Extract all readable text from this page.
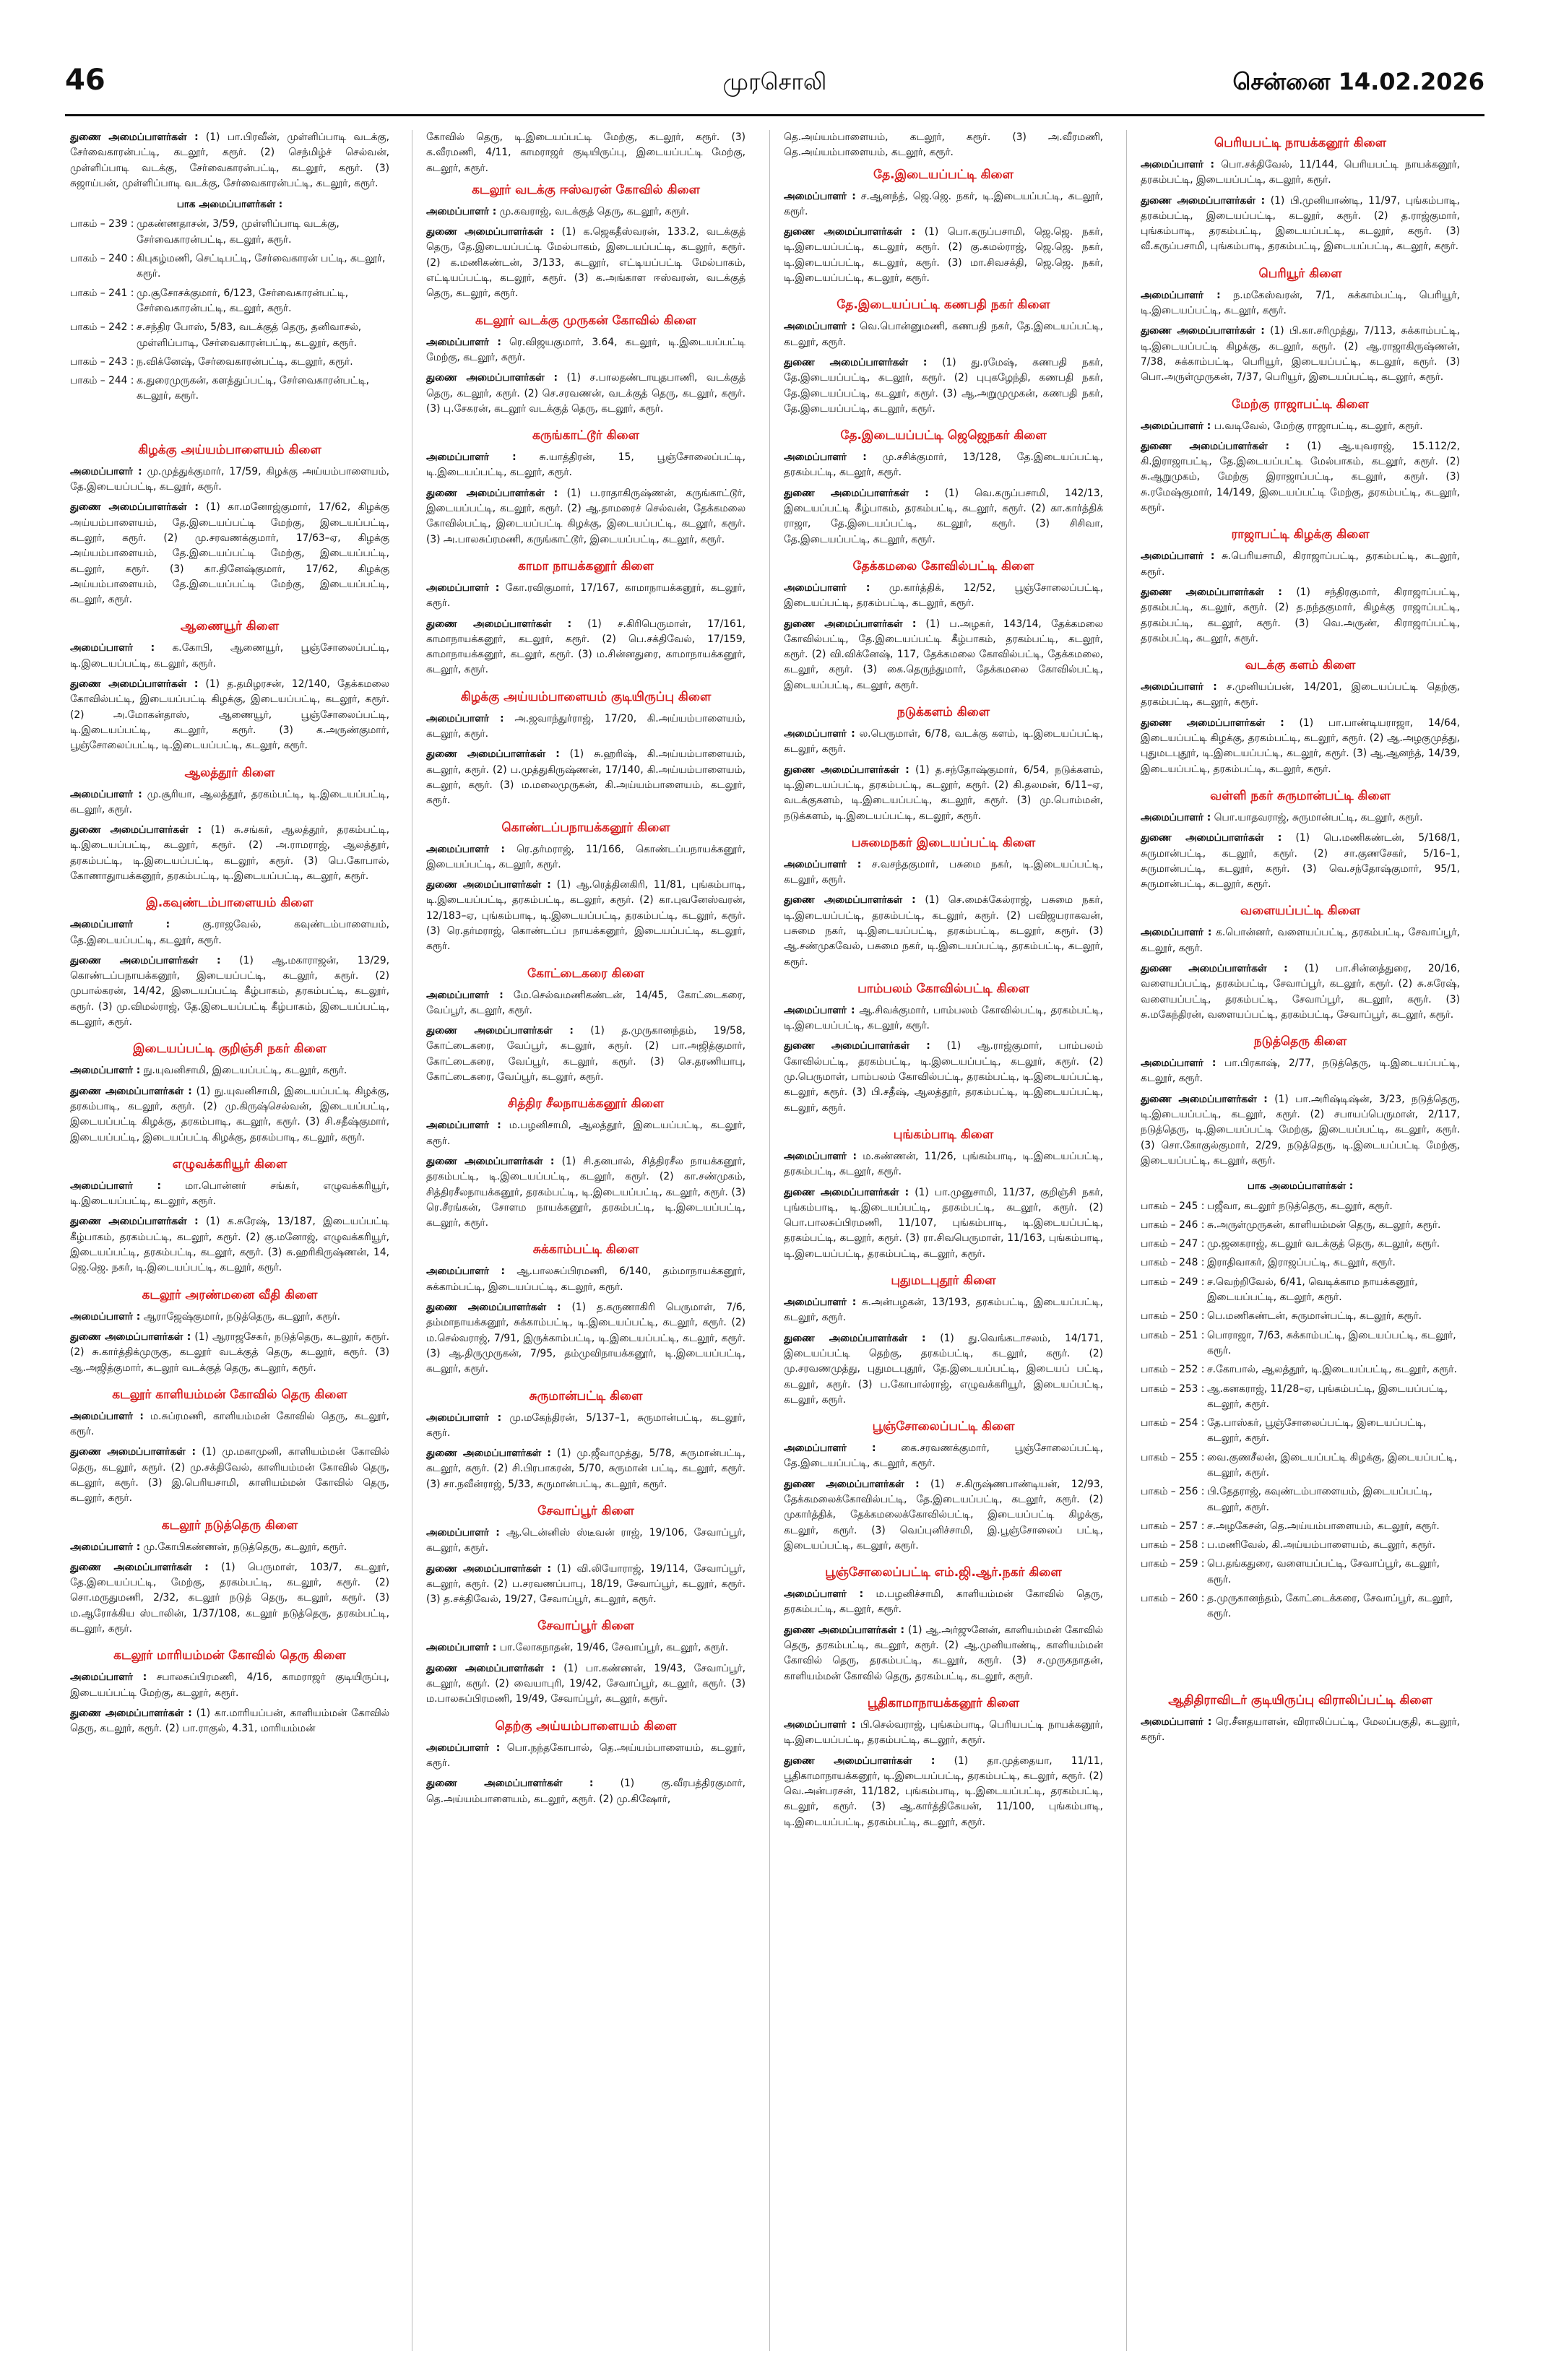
46	முரசொலி	சென்னை 14.02.2026
துணை அமைப்பாளர்கள் : (1) பா.பிரவீன், முள்ளிப்பாடி வடக்கு, சேர்வைகாரன்பட்டி, கடலூர், கரூர். (2) செந்மிழ்ச் செல்வன், முள்ளிப்பாடி வடக்கு, சேர்வைகாரன்பட்டி, கடலூர், கரூர். (3) சுஜாய்பன், முள்ளிப்பாடி வடக்கு, சேர்வைகாரன்பட்டி, கடலூர், கரூர்.
பாக அமைப்பாளர்கள் :
பாகம் – 239 : முகண்ணதாசன், 3/59, முள்ளிப்பாடி வடக்கு, சேர்வைகாரன்பட்டி, கடலூர், கரூர்.
பாகம் – 240 : கிபுகழ்மணி, செட்டிபட்டி, சேர்வைகாரன் பட்டி, கடலூர், கரூர்.
பாகம் – 241 : மு.சூசோசக்குமார், 6/123, சேர்வைகாரன்பட்டி, சேர்வைகாரன்பட்டி, கடலூர், கரூர்.
பாகம் – 242 : ச.சந்திர போஸ், 5/83, வடக்குத் தெரு, தனிவாசல், முள்ளிப்பாடி, சேர்வைகாரன்பட்டி, கடலூர், கரூர்.
பாகம் – 243 : ந.விக்னேஷ், சேர்வைகாரன்பட்டி, கடலூர், கரூர்.
பாகம் – 244 : க.துரைமுருகன், களத்துப்பட்டி, சேர்வைகாரன்பட்டி, கடலூர், கரூர்.
கிழக்கு அய்யம்பாளையம் கிளை
அமைப்பாளர் : மு.முத்துக்குமார், 17/59, கிழக்கு அய்யம்பாளையம், தே.இடையப்பட்டி, கடலூர், கரூர்.
துணை அமைப்பாளர்கள் : (1) கா.மனோஜ்குமார், 17/62, கிழக்கு அய்யம்பாளையம், தே.இடையப்பட்டி மேற்கு, இடையப்பட்டி, கடலூர், கரூர். (2) மு.சரவணக்குமார், 17/63–ஏ, கிழக்கு அய்யம்பாளையம், தே.இடையப்பட்டி மேற்கு, இடையப்பட்டி, கடலூர், கரூர். (3) கா.தினேஷ்குமார், 17/62, கிழக்கு அய்யம்பாளையம், தே.இடையப்பட்டி மேற்கு, இடையப்பட்டி, கடலூர், கரூர்.
ஆணையூர் கிளை
அமைப்பாளர் : க.கோபி, ஆணையூர், பூஞ்சோலைப்பட்டி, டி.இடையப்பட்டி, கடலூர், கரூர்.
துணை அமைப்பாளர்கள் : (1) த.தமிழரசன், 12/140, தேக்கமலை கோவில்பட்டி, இடையப்பட்டி கிழக்கு, இடையப்பட்டி, கடலூர், கரூர். (2) அ.மோகன்தாஸ், ஆணையூர், பூஞ்சோலைப்பட்டி, டி.இடையப்பட்டி, கடலூர், கரூர். (3) க.அருண்குமார், பூஞ்சோலைப்பட்டி, டி.இடையப்பட்டி, கடலூர், கரூர்.
ஆலத்தூர் கிளை
அமைப்பாளர் : மு.சூரியா, ஆலத்தூர், தரகம்பட்டி, டி.இடையப்பட்டி, கடலூர், கரூர்.
துணை அமைப்பாளர்கள் : (1) சு.சங்கர், ஆலத்தூர், தரகம்பட்டி, டி.இடையப்பட்டி, கடலூர், கரூர். (2) அ.ராமராஜ், ஆலத்தூர், தரகம்பட்டி, டி.இடையப்பட்டி, கடலூர், கரூர். (3) பெ.கோபால், கோணாதுாயக்கனூர், தரகம்பட்டி, டி.இடையப்பட்டி, கடலூர், கரூர்.
இ.கவுண்டம்பாளையம் கிளை
அமைப்பாளர் :	கு.ராஜவேல், கவுண்டம்பாளையம், தே.இடையப்பட்டி, கடலூர், கரூர்.
துணை அமைப்பாளர்கள் : (1) ஆ.மகாராஜன், 13/29, கொண்டப்பநாயக்கனூர், இடையப்பட்டி, கடலூர், கரூர். (2) முபால்கரன், 14/42, இடையப்பட்டி கீழ்பாகம், தரகம்பட்டி, கடலூர், கரூர். (3) மு.விமல்ராஜ், தே.இடையப்பட்டி கீழ்பாகம், இடையப்பட்டி, கடலூர், கரூர்.
இடையப்பட்டி குறிஞ்சி நகர் கிளை
அமைப்பாளர் : நு.யுவனிசாமி, இடையப்பட்டி, கடலூர், கரூர்.
துணை அமைப்பாளர்கள் : (1) நு.யுவனிசாமி, இடையப்பட்டி கிழக்கு, தரகம்பாடி, கடலூர், கரூர். (2) மு.கிருஷ்செல்வன், இடையப்பட்டி, இடையப்பட்டி கிழக்கு, தரகம்பாடி, கடலூர், கரூர். (3) சி.சதீஷ்குமார், இடையப்பட்டி, இடையப்பட்டி கிழக்கு, தரகம்பாடி, கடலூர், கரூர்.
எழுவக்கரியூர் கிளை
அமைப்பாளர் : மா.பொன்னர் சங்கர், எழுவக்கரியூர், டி.இடையப்பட்டி, கடலூர், கரூர்.
துணை அமைப்பாளர்கள் : (1) க.சுரேஷ், 13/187, இடையப்பட்டி கீழ்பாகம், தரகம்பட்டி, கடலூர், கரூர். (2) கு.மனோஜ், எழுவக்கரியூர், இடையப்பட்டி, தரகம்பட்டி, கடலூர், கரூர். (3) சு.ஹரிகிருஷ்ணன், 14, ஜெ.ஜெ. நகர், டி.இடையப்பட்டி, கடலூர், கரூர்.
கடலூர் அரண்மனை வீதி கிளை
அமைப்பாளர் : ஆராஜேஷ்குமார், நடுத்தெரு, கடலூர், கரூர்.
துணை அமைப்பாளர்கள் : (1) ஆராஜசேகர், நடுத்தெரு, கடலூர், கரூர். (2) சு.கார்த்திக்முருகு, கடலூர் வடக்குத் தெரு, கடலூர், கரூர். (3) ஆ.அஜித்குமார், கடலூர் வடக்குத் தெரு, கடலூர், கரூர்.
கடலூர் காளியம்மன் கோவில் தெரு கிளை
அமைப்பாளர் : ம.சுப்ரமணி, காளியம்மன் கோவில் தெரு, கடலூர், கரூர்.
துணை அமைப்பாளர்கள் : (1) மு.மகாமுனி, காளியம்மன் கோவில் தெரு, கடலூர், கரூர். (2) மு.சக்திவேல், காளியம்மன் கோவில் தெரு, கடலூர், கரூர். (3) இ.பெரியசாமி, காளியம்மன் கோவில் தெரு, கடலூர், கரூர்.
கடலூர் நடுத்தெரு கிளை
அமைப்பாளர் : மு.கோபிகண்ணன், நடுத்தெரு, கடலூர், கரூர்.
துணை அமைப்பாளர்கள் : (1) பெருமாள், 103/7, கடலூர், தே.இடையப்பட்டி, மேற்கு, தரகம்பட்டி, கடலூர், கரூர். (2) சொ.மருதுமணி, 2/32, கடலூர் நடுத் தெரு, கடலூர், கரூர். (3) ம.ஆரோக்கிய ஸ்டாலின், 1/37/108, கடலூர் நடுத்தெரு, தரகம்பட்டி, கடலூர், கரூர்.
கடலூர் மாரியம்மன் கோவில் தெரு கிளை
அமைப்பாளர் : சபாலசுப்பிரமணி, 4/16, காமராஜர் குடியிருப்பு, இடையப்பட்டி மேற்கு, கடலூர், கரூர்.
துணை அமைப்பாளர்கள் : (1) கா.மாரியப்பன், காளியம்மன் கோவில் தெரு, கடலூர், கரூர். (2) பா.ராகுல், 4.31, மாரியம்மன்
கோவில் தெரு, டி.இடையப்பட்டி மேற்கு, கடலூர், கரூர். (3) க.வீரமணி, 4/11, காமராஜர் குடியிருப்பு, இடையப்பட்டி மேற்கு, கடலூர், கரூர்.
கடலூர் வடக்கு ஈஸ்வரன் கோவில் கிளை
அமைப்பாளர் : மு.கவராஜ், வடக்குத் தெரு, கடலூர், கரூர்.
துணை அமைப்பாளர்கள் : (1) க.ஜெகதீஸ்வரன், 133.2, வடக்குத் தெரு, தே.இடையப்பட்டி மேல்பாகம், இடையப்பட்டி, கடலூர், கரூர். (2) க.மணிகண்டன், 3/133, கடலூர், எட்டியப்பட்டி மேல்பாகம், எட்டியப்பட்டி, கடலூர், கரூர். (3) க.அங்காள ஈஸ்வரன், வடக்குத் தெரு, கடலூர், கரூர்.
கடலூர் வடக்கு முருகன் கோவில் கிளை
அமைப்பாளர் : ரெ.விஜயகுமார், 3.64, கடலூர், டி.இடையப்பட்டி மேற்கு, கடலூர், கரூர்.
துணை அமைப்பாளர்கள் : (1) ச.பாலதண்டாயுதபாணி, வடக்குத் தெரு, கடலூர், கரூர். (2) செ.சரவணன், வடக்குத் தெரு, கடலூர், கரூர். (3) பு.சேகரன், கடலூர் வடக்குத் தெரு, கடலூர், கரூர்.
கருங்காட்டூர் கிளை
அமைப்பாளர் : சு.யாத்திரன், 15, பூஞ்சோலைப்பட்டி, டி.இடையப்பட்டி, கடலூர், கரூர்.
துணை அமைப்பாளர்கள் : (1) ப.ராதாகிருஷ்ணன், கருங்காட்டூர், இடையப்பட்டி, கடலூர், கரூர். (2) ஆ.தாமரைச் செல்வன், தேக்கமலை கோவில்பட்டி, இடையப்பட்டி கிழக்கு, இடையப்பட்டி, கடலூர், கரூர். (3) அ.பாலசுப்ரமணி, கருங்காட்டூர், இடையப்பட்டி, கடலூர், கரூர்.
காமா நாயக்கனூர் கிளை
அமைப்பாளர் : கோ.ரவிகுமார், 17/167, காமாநாயக்கனூர், கடலூர், கரூர்.
துணை அமைப்பாளர்கள் : (1) ச.கிரிபெருமாள், 17/161, காமாநாயக்கனூர், கடலூர், கரூர். (2) பெ.சக்திவேல், 17/159, காமாநாயக்கனூர், கடலூர், கரூர். (3) ம.சின்னதுரை, காமாநாயக்கனூர், கடலூர், கரூர்.
கிழக்கு அய்யம்பாளையம் குடியிருப்பு கிளை
அமைப்பாளர் : அ.ஜவாந்துர்ராஜ், 17/20, கி.அய்யம்பாளையம், கடலூர், கரூர்.
துணை அமைப்பாளர்கள் : (1) சு.ஹரிஷ், கி.அய்யம்பாளையம், கடலூர், கரூர். (2) ப.முத்துகிருஷ்ணன், 17/140, கி.அய்யம்பாளையம், கடலூர், கரூர். (3) ம.மலைமுருகன், கி.அய்யம்பாளையம், கடலூர், கரூர்.
கொண்டப்பநாயக்கனூர் கிளை
அமைப்பாளர் : ரெ.தர்மராஜ், 11/166, கொண்டப்பநாயக்கனூர், இடையப்பட்டி, கடலூர், கரூர்.
துணை அமைப்பாளர்கள் : (1) ஆ.ரெத்தினகிரி, 11/81, புங்கம்பாடி, டி.இடையப்பட்டி, தரகம்பட்டி, கடலூர், கரூர். (2) கா.புவனேஸ்வரன், 12/183–ஏ, புங்கம்பாடி, டி.இடையப்பட்டி, தரகம்பட்டி, கடலூர், கரூர். (3) ரெ.தர்மராஜ், கொண்டப்ப நாயக்கனூர், இடையப்பட்டி, கடலூர், கரூர்.
கோட்டைகரை கிளை
அமைப்பாளர் : மே.செல்வமணிகண்டன், 14/45, கோட்டைகரை, வேப்பூர், கடலூர், கரூர்.
துணை அமைப்பாளர்கள் : (1) த.முருகானந்தம், 19/58, கோட்டைகரை, வேப்பூர், கடலூர், கரூர். (2) பா.அஜித்குமார், கோட்டைகரை, வேப்பூர், கடலூர், கரூர். (3) செ.தரணியாபு, கோட்டைகரை, வேப்பூர், கடலூர், கரூர்.
சித்திர சீலநாயக்கனூர் கிளை
அமைப்பாளர் : ம.பழனிசாமி, ஆலத்தூர், இடையப்பட்டி, கடலூர், கரூர்.
துணை அமைப்பாளர்கள் : (1) சி.தனபால், சித்திரசீல நாயக்கனூர், தரகம்பட்டி, டி.இடையப்பட்டி, கடலூர், கரூர். (2) கா.சண்முகம், சித்திரசீலநாயக்கனூர், தரகம்பட்டி, டி.இடையப்பட்டி, கடலூர், கரூர். (3) ரெ.சீரங்கன், சோளம நாயக்கனூர், தரகம்பட்டி, டி.இடையப்பட்டி, கடலூர், கரூர்.
சுக்காம்பட்டி கிளை
அமைப்பாளர் : ஆ.பாலசுப்பிரமணி, 6/140, தம்மாநாயக்கனூர், சுக்காம்பட்டி, இடையப்பட்டி, கடலூர், கரூர்.
துணை அமைப்பாளர்கள் : (1) த.கருணாகிரி பெருமாள், 7/6, தம்மாநாயக்கனூர், சுக்காம்பட்டி, டி.இடையப்பட்டி, கடலூர், கரூர். (2) ம.செல்வராஜ், 7/91, இருக்காம்பட்டி, டி.இடையப்பட்டி, கடலூர், கரூர். (3) ஆ.திருமுருகன், 7/95, தம்முவிநாயக்கனூர், டி.இடையப்பட்டி, கடலூர், கரூர்.
சுருமான்பட்டி கிளை
அமைப்பாளர் : மு.மகேந்திரன், 5/137–1, சுருமான்பட்டி, கடலூர், கரூர்.
துணை அமைப்பாளர்கள் : (1) மு.ஜீவாமுத்து, 5/78, சுருமான்பட்டி, கடலூர், கரூர். (2) சி.பிரபாகரன், 5/70, சுருமான் பட்டி, கடலூர், கரூர். (3) சா.நவீன்ராஜ், 5/33, சுருமான்பட்டி, கடலூர், கரூர்.
சேவாப்பூர் கிளை
அமைப்பாளர் : ஆ.டென்னிஸ் ஸ்டீவன் ராஜ், 19/106, சேவாப்பூர், கடலூர், கரூர்.
துணை அமைப்பாளர்கள் : (1) வி.லியோராஜ், 19/114, சேவாப்பூர், கடலூர், கரூர். (2) ப.சரவணப்பாபு, 18/19, சேவாப்பூர், கடலூர், கரூர். (3) த.சக்திவேல், 19/27, சேவாப்பூர், கடலூர், கரூர்.
சேவாப்பூர் கிளை
அமைப்பாளர் : பா.லோகநாதன், 19/46, சேவாப்பூர், கடலூர், கரூர்.
துணை அமைப்பாளர்கள் : (1) பா.கண்ணன், 19/43, சேவாப்பூர், கடலூர், கரூர். (2) வையாபுரி, 19/42, சேவாப்பூர், கடலூர், கரூர். (3) ம.பாலசுப்பிரமணி, 19/49, சேவாப்பூர், கடலூர், கரூர்.
தெற்கு அய்யம்பாளையம் கிளை
அமைப்பாளர் : பொ.நந்தகோபால், தெ.அய்யம்பாளையம், கடலூர், கரூர்.
துணை அமைப்பாளர்கள் :	(1) கு.வீரபத்திரகுமார், தெ.அய்யம்பாளையம், கடலூர், கரூர். (2) மு.கிஷோர்,
தெ.அய்யம்பாளையம், கடலூர், கரூர். (3) அ.வீரமணி, தெ.அய்யம்பாளையம், கடலூர், கரூர்.
தே.இடையப்பட்டி கிளை
அமைப்பாளர் : ச.ஆனந்த், ஜெ.ஜெ. நகர், டி.இடையப்பட்டி, கடலூர், கரூர்.
துணை அமைப்பாளர்கள் : (1) பொ.கருப்பசாமி, ஜெ.ஜெ. நகர், டி.இடையப்பட்டி, கடலூர், கரூர். (2) கு.கமல்ராஜ், ஜெ.ஜெ. நகர், டி.இடையப்பட்டி, கடலூர், கரூர். (3) மா.சிவசக்தி, ஜெ.ஜெ. நகர், டி.இடையப்பட்டி, கடலூர், கரூர்.
தே.இடையப்பட்டி கணபதி நகர் கிளை
அமைப்பாளர் : வெ.பொன்னுமணி, கணபதி நகர், தே.இடையப்பட்டி, கடலூர், கரூர்.
துணை அமைப்பாளர்கள் : (1) து.ரமேஷ், கணபதி நகர், தே.இடையப்பட்டி, கடலூர், கரூர். (2) புபுகழேந்தி, கணபதி நகர், தே.இடையப்பட்டி, கடலூர், கரூர். (3) ஆ.அறுமுமுகன், கணபதி நகர், தே.இடையப்பட்டி, கடலூர், கரூர்.
தே.இடையப்பட்டி ஜெஜெநகர் கிளை
அமைப்பாளர் : மு.சசிக்குமார், 13/128, தே.இடையப்பட்டி, தரகம்பட்டி, கடலூர், கரூர்.
துணை அமைப்பாளர்கள் : (1) வெ.கருப்பசாமி, 142/13, இடையப்பட்டி கீழ்பாகம், தரகம்பட்டி, கடலூர், கரூர். (2) கா.கார்த்திக் ராஜா, தே.இடையப்பட்டி, கடலூர், கரூர். (3) சிசிவா, தே.இடையப்பட்டி, கடலூர், கரூர்.
தேக்கமலை கோவில்பட்டி கிளை
அமைப்பாளர் : மு.கார்த்திக், 12/52, பூஞ்சோலைப்பட்டி, இடையப்பட்டி, தரகம்பட்டி, கடலூர், கரூர்.
துணை அமைப்பாளர்கள் : (1) ப.அழகர், 143/14, தேக்கமலை கோவில்பட்டி, தே.இடையப்பட்டி கீழ்பாகம், தரகம்பட்டி, கடலூர், கரூர். (2) வி.விக்னேஷ், 117, தேக்கமலை கோவில்பட்டி, தேக்கமலை, கடலூர், கரூர். (3) கை.தெருந்துமார், தேக்கமலை கோவில்பட்டி, இடையப்பட்டி, கடலூர், கரூர்.
நடுக்களம் கிளை
அமைப்பாளர் : ல.பெருமாள், 6/78, வடக்கு களம், டி.இடையப்பட்டி, கடலூர், கரூர்.
துணை அமைப்பாளர்கள் : (1) த.சந்தோஷ்குமார், 6/54, நடுக்களம், டி.இடையப்பட்டி, தரகம்பட்டி, கடலூர், கரூர். (2) கி.தலமன், 6/11–ஏ, வடக்குகளம், டி.இடையப்பட்டி, கடலூர், கரூர். (3) மு.பொம்மன், நடுக்களம், டி.இடையப்பட்டி, கடலூர், கரூர்.
பசுமைநகர் இடையப்பட்டி கிளை
அமைப்பாளர் : ச.வசந்தகுமார், பசுமை நகர், டி.இடையப்பட்டி, கடலூர், கரூர்.
துணை அமைப்பாளர்கள் : (1) செ.மைக்கேல்ராஜ், பசுமை நகர், டி.இடையப்பட்டி, தரகம்பட்டி, கடலூர், கரூர். (2) பவிஜயராகவன், பசுமை நகர், டி.இடையப்பட்டி, தரகம்பட்டி, கடலூர், கரூர். (3) ஆ.சண்முகவேல், பசுமை நகர், டி.இடையப்பட்டி, தரகம்பட்டி, கடலூர், கரூர்.
பாம்பலம் கோவில்பட்டி கிளை
அமைப்பாளர் : ஆ.சிவக்குமார், பாம்பலம் கோவில்பட்டி, தரகம்பட்டி, டி.இடையப்பட்டி, கடலூர், கரூர்.
துணை அமைப்பாளர்கள் : (1) ஆ.ராஜ்குமார், பாம்பலம் கோவில்பட்டி, தரகம்பட்டி, டி.இடையப்பட்டி, கடலூர், கரூர். (2) மு.பெருமாள், பாம்பலம் கோவில்பட்டி, தரகம்பட்டி, டி.இடையப்பட்டி, கடலூர், கரூர். (3) பி.சதீஷ், ஆலத்தூர், தரகம்பட்டி, டி.இடையப்பட்டி, கடலூர், கரூர்.
புங்கம்பாடி கிளை
அமைப்பாளர் : ம.கண்ணன், 11/26, புங்கம்பாடி, டி.இடையப்பட்டி, தரகம்பட்டி, கடலூர், கரூர்.
துணை அமைப்பாளர்கள் : (1) பா.முனுசாமி, 11/37, குறிஞ்சி நகர், புங்கம்பாடி, டி.இடையப்பட்டி, தரகம்பட்டி, கடலூர், கரூர். (2) பொ.பாலசுப்பிரமணி, 11/107, புங்கம்பாடி, டி.இடையப்பட்டி, தரகம்பட்டி, கடலூர், கரூர். (3) ரா.சிவபெருமாள், 11/163, புங்கம்பாடி, டி.இடையப்பட்டி, தரகம்பட்டி, கடலூர், கரூர்.
புதுமடபுதூர் கிளை
அமைப்பாளர் : சு.அன்பழகன், 13/193, தரகம்பட்டி, இடையப்பட்டி, கடலூர், கரூர்.
துணை அமைப்பாளர்கள் : (1) து.வெங்கடாசலம், 14/171, இடையப்பட்டி தெற்கு, தரகம்பட்டி, கடலூர், கரூர். (2) மு.சரவணமுத்து, புதுமடபுதூர், தே.இடையப்பட்டி, இடையப் பட்டி, கடலூர், கரூர். (3) ப.கோபால்ராஜ், எழுவக்கரியூர், இடையப்பட்டி, கடலூர், கரூர்.
பூஞ்சோலைப்பட்டி கிளை
அமைப்பாளர் :	கை.சரவணக்குமார், பூஞ்சோலைப்பட்டி, தே.இடையப்பட்டி, கடலூர், கரூர்.
துணை அமைப்பாளர்கள் : (1) ச.கிருஷ்ணபாண்டியன், 12/93, தேக்கமலைக்கோவில்பட்டி, தே.இடையப்பட்டி, கடலூர், கரூர். (2) முகார்த்திக், தேக்கமலைக்கோவில்பட்டி, இடையப்பட்டி கிழக்கு, கடலூர், கரூர். (3) வெப்புனிச்சாமி, இ.பூஞ்சோலைப் பட்டி, இடையப்பட்டி, கடலூர், கரூர்.
பூஞ்சோலைப்பட்டி எம்.ஜி.ஆர்.நகர் கிளை
அமைப்பாளர் : ம.பழனிச்சாமி, காளியம்மன் கோவில் தெரு, தரகம்பட்டி, கடலூர், கரூர்.
துணை அமைப்பாளர்கள் : (1) ஆ.அர்ஜுனேன், காளியம்மன் கோவில் தெரு, தரகம்பட்டி, கடலூர், கரூர். (2) ஆ.முனியாண்டி, காளியம்மன் கோவில் தெரு, தரகம்பட்டி, கடலூர், கரூர். (3) ச.முருகநாதன், காளியம்மன் கோவில் தெரு, தரகம்பட்டி, கடலூர், கரூர்.
பூதிகாமாநாயக்கனூர் கிளை
அமைப்பாளர் : பி.செல்வராஜ், புங்கம்பாடி, பெரியபட்டி நாயக்கனூர், டி.இடையப்பட்டி, தரகம்பட்டி, கடலூர், கரூர்.
துணை அமைப்பாளர்கள் : (1) தா.முத்தையா, 11/11, பூதிகாமாநாயக்கனூர், டி.இடையப்பட்டி, தரகம்பட்டி, கடலூர், கரூர். (2) வெ.அன்பரசன், 11/182, புங்கம்பாடி, டி.இடையப்பட்டி, தரகம்பட்டி, கடலூர், கரூர். (3) ஆ.கார்த்திகேயன், 11/100, புங்கம்பாடி, டி.இடையப்பட்டி, தரகம்பட்டி, கடலூர், கரூர்.
பெரியபட்டி நாயக்கனூர் கிளை
அமைப்பாளர் : பொ.சக்திவேல், 11/144, பெரியபட்டி நாயக்கனூர், தரகம்பட்டி, இடையப்பட்டி, கடலூர், கரூர்.
துணை அமைப்பாளர்கள் : (1) பி.முனியாண்டி, 11/97, புங்கம்பாடி, தரகம்பட்டி, இடையப்பட்டி, கடலூர், கரூர். (2) த.ராஜ்குமார், புங்கம்பாடி, தரகம்பட்டி, இடையப்பட்டி, கடலூர், கரூர். (3) வீ.கருப்பசாமி, புங்கம்பாடி, தரகம்பட்டி, இடையப்பட்டி, கடலூர், கரூர்.
பெரியூர் கிளை
அமைப்பாளர் : ந.மகேஸ்வரன், 7/1, சுக்காம்பட்டி, பெரியூர், டி.இடையப்பட்டி, கடலூர், கரூர்.
துணை அமைப்பாளர்கள் : (1) பி.கா.சரிமுத்து, 7/113, சுக்காம்பட்டி, டி.இடையப்பட்டி கிழக்கு, கடலூர், கரூர். (2) ஆ.ராஜாகிருஷ்ணன், 7/38, சுக்காம்பட்டி, பெரியூர், இடையப்பட்டி, கடலூர், கரூர். (3) பொ.அருள்முருகன், 7/37, பெரியூர், இடையப்பட்டி, கடலூர், கரூர்.
மேற்கு ராஜாபட்டி கிளை
அமைப்பாளர் : ப.வடிவேல், மேற்கு ராஜாபட்டி, கடலூர், கரூர்.
துணை அமைப்பாளர்கள் : (1) ஆ.யுவராஜ், 15.112/2, கி.இராஜாபட்டி, தே.இடையப்பட்டி மேல்பாகம், கடலூர், கரூர். (2) சு.ஆறுமுகம், மேற்கு இராஜாப்பட்டி, கடலூர், கரூர். (3) சு.ரமேஷ்குமார், 14/149, இடையப்பட்டி மேற்கு, தரகம்பட்டி, கடலூர், கரூர்.
ராஜாபட்டி கிழக்கு கிளை
அமைப்பாளர் : சு.பெரியசாமி, கிராஜாப்பட்டி, தரகம்பட்டி, கடலூர், கரூர்.
துணை அமைப்பாளர்கள் : (1) சந்திரகுமார், கிராஜாப்பட்டி, தரகம்பட்டி, கடலூர், கரூர். (2) த.நந்தகுமார், கிழக்கு ராஜாப்பட்டி, தரகம்பட்டி, கடலூர், கரூர். (3) வெ.அருண், கிராஜாப்பட்டி, தரகம்பட்டி, கடலூர், கரூர்.
வடக்கு களம் கிளை
அமைப்பாளர் : ச.முனியப்பன், 14/201, இடையப்பட்டி தெற்கு, தரகம்பட்டி, கடலூர், கரூர்.
துணை அமைப்பாளர்கள் : (1) பா.பாண்டியராஜா, 14/64, இடையப்பட்டி கிழக்கு, தரகம்பட்டி, கடலூர், கரூர். (2) ஆ.அழகுமுத்து, புதுமடபுதூர், டி.இடையப்பட்டி, கடலூர், கரூர். (3) ஆ.ஆனந்த், 14/39, இடையப்பட்டி, தரகம்பட்டி, கடலூர், கரூர்.
வள்ளி நகர் சுருமான்பட்டி கிளை
அமைப்பாளர் : பொ.யாதவராஜ், சுருமான்பட்டி, கடலூர், கரூர்.
துணை அமைப்பாளர்கள் : (1) பெ.மணிகண்டன், 5/168/1, சுருமான்பட்டி, கடலூர், கரூர். (2) சா.குணசேகர், 5/16–1, சுருமான்பட்டி, கடலூர், கரூர். (3) வெ.சந்தோஷ்குமார், 95/1, சுருமான்பட்டி, கடலூர், கரூர்.
வளையப்பட்டி கிளை
அமைப்பாளர் : க.பொன்னர், வளையப்பட்டி, தரகம்பட்டி, சேவாப்பூர், கடலூர், கரூர்.
துணை அமைப்பாளர்கள் : (1) பா.சின்னத்துரை, 20/16, வளையப்பட்டி, தரகம்பட்டி, சேவாப்பூர், கடலூர், கரூர். (2) சு.சுரேஷ், வளையப்பட்டி, தரகம்பட்டி, சேவாப்பூர், கடலூர், கரூர். (3) சு.மகேந்திரன், வளையப்பட்டி, தரகம்பட்டி, சேவாப்பூர், கடலூர், கரூர்.
நடுத்தெரு கிளை
அமைப்பாளர் : பா.பிரகாஷ், 2/77, நடுத்தெரு, டி.இடையப்பட்டி, கடலூர், கரூர்.
துணை அமைப்பாளர்கள் : (1) பா.அரிஷ்டிஷ்ன், 3/23, நடுத்தெரு, டி.இடையப்பட்டி, கடலூர், கரூர். (2) சபாயப்பெருமாள், 2/117, நடுத்தெரு, டி.இடையப்பட்டி மேற்கு, இடையப்பட்டி, கடலூர், கரூர். (3) சொ.கோகுல்குமார், 2/29, நடுத்தெரு, டி.இடையப்பட்டி மேற்கு, இடையப்பட்டி, கடலூர், கரூர்.
பாக அமைப்பாளர்கள் :
பாகம் – 245 : பஜீவா, கடலூர் நடுத்தெரு, கடலூர், கரூர்.
பாகம் – 246 : சு.அருள்முருகன், காளியம்மன் தெரு, கடலூர், கரூர்.
பாகம் – 247 : மு.ஜனகராஜ், கடலூர் வடக்குத் தெரு, கடலூர், கரூர்.
பாகம் – 248 : இராதிவாகர், இராஜப்பட்டி, கடலூர், கரூர்.
பாகம் – 249 : ச.வெற்றிவேல், 6/41, வெடிக்காம நாயக்கனூர், இடையப்பட்டி, கடலூர், கரூர்.
பாகம் – 250 : பெ.மணிகண்டன், சுருமான்பட்டி, கடலூர், கரூர்.
பாகம் – 251 : பொராஜா, 7/63, சுக்காம்பட்டி, இடையப்பட்டி, கடலூர், கரூர்.
பாகம் – 252 : ச.கோபால், ஆலத்தூர், டி.இடையப்பட்டி, கடலூர், கரூர்.
பாகம் – 253 : ஆ.கனகராஜ், 11/28–ஏ, புங்கம்பட்டி, இடையப்பட்டி, கடலூர், கரூர்.
பாகம் – 254 : தே.பாஸ்கர், பூஞ்சோலைப்பட்டி, இடையப்பட்டி, கடலூர், கரூர்.
பாகம் – 255 : வை.குணசீலன், இடையப்பட்டி கிழக்கு, இடையப்பட்டி, கடலூர், கரூர்.
பாகம் – 256 : பி.தேதராஜ், கவுண்டம்பாளையம், இடையப்பட்டி, கடலூர், கரூர்.
பாகம் – 257 : ச.அழகேசன், தெ.அய்யம்பாளையம், கடலூர், கரூர்.
பாகம் – 258 : ப.மணிவேல், கி.அய்யம்பாளையம், கடலூர், கரூர்.
பாகம் – 259 : பெ.தங்கதுரை, வளையப்பட்டி, சேவாப்பூர், கடலூர், கரூர்.
பாகம் – 260 : த.முருகானந்தம், கோட்டைக்கரை, சேவாப்பூர், கடலூர், கரூர்.
ஆதிதிராவிடர் குடியிருப்பு விராலிப்பட்டி கிளை
அமைப்பாளர் : ரெ.சீனதயாளன், விராலிப்பட்டி, மேலப்பகுதி, கடலூர், கரூர்.
